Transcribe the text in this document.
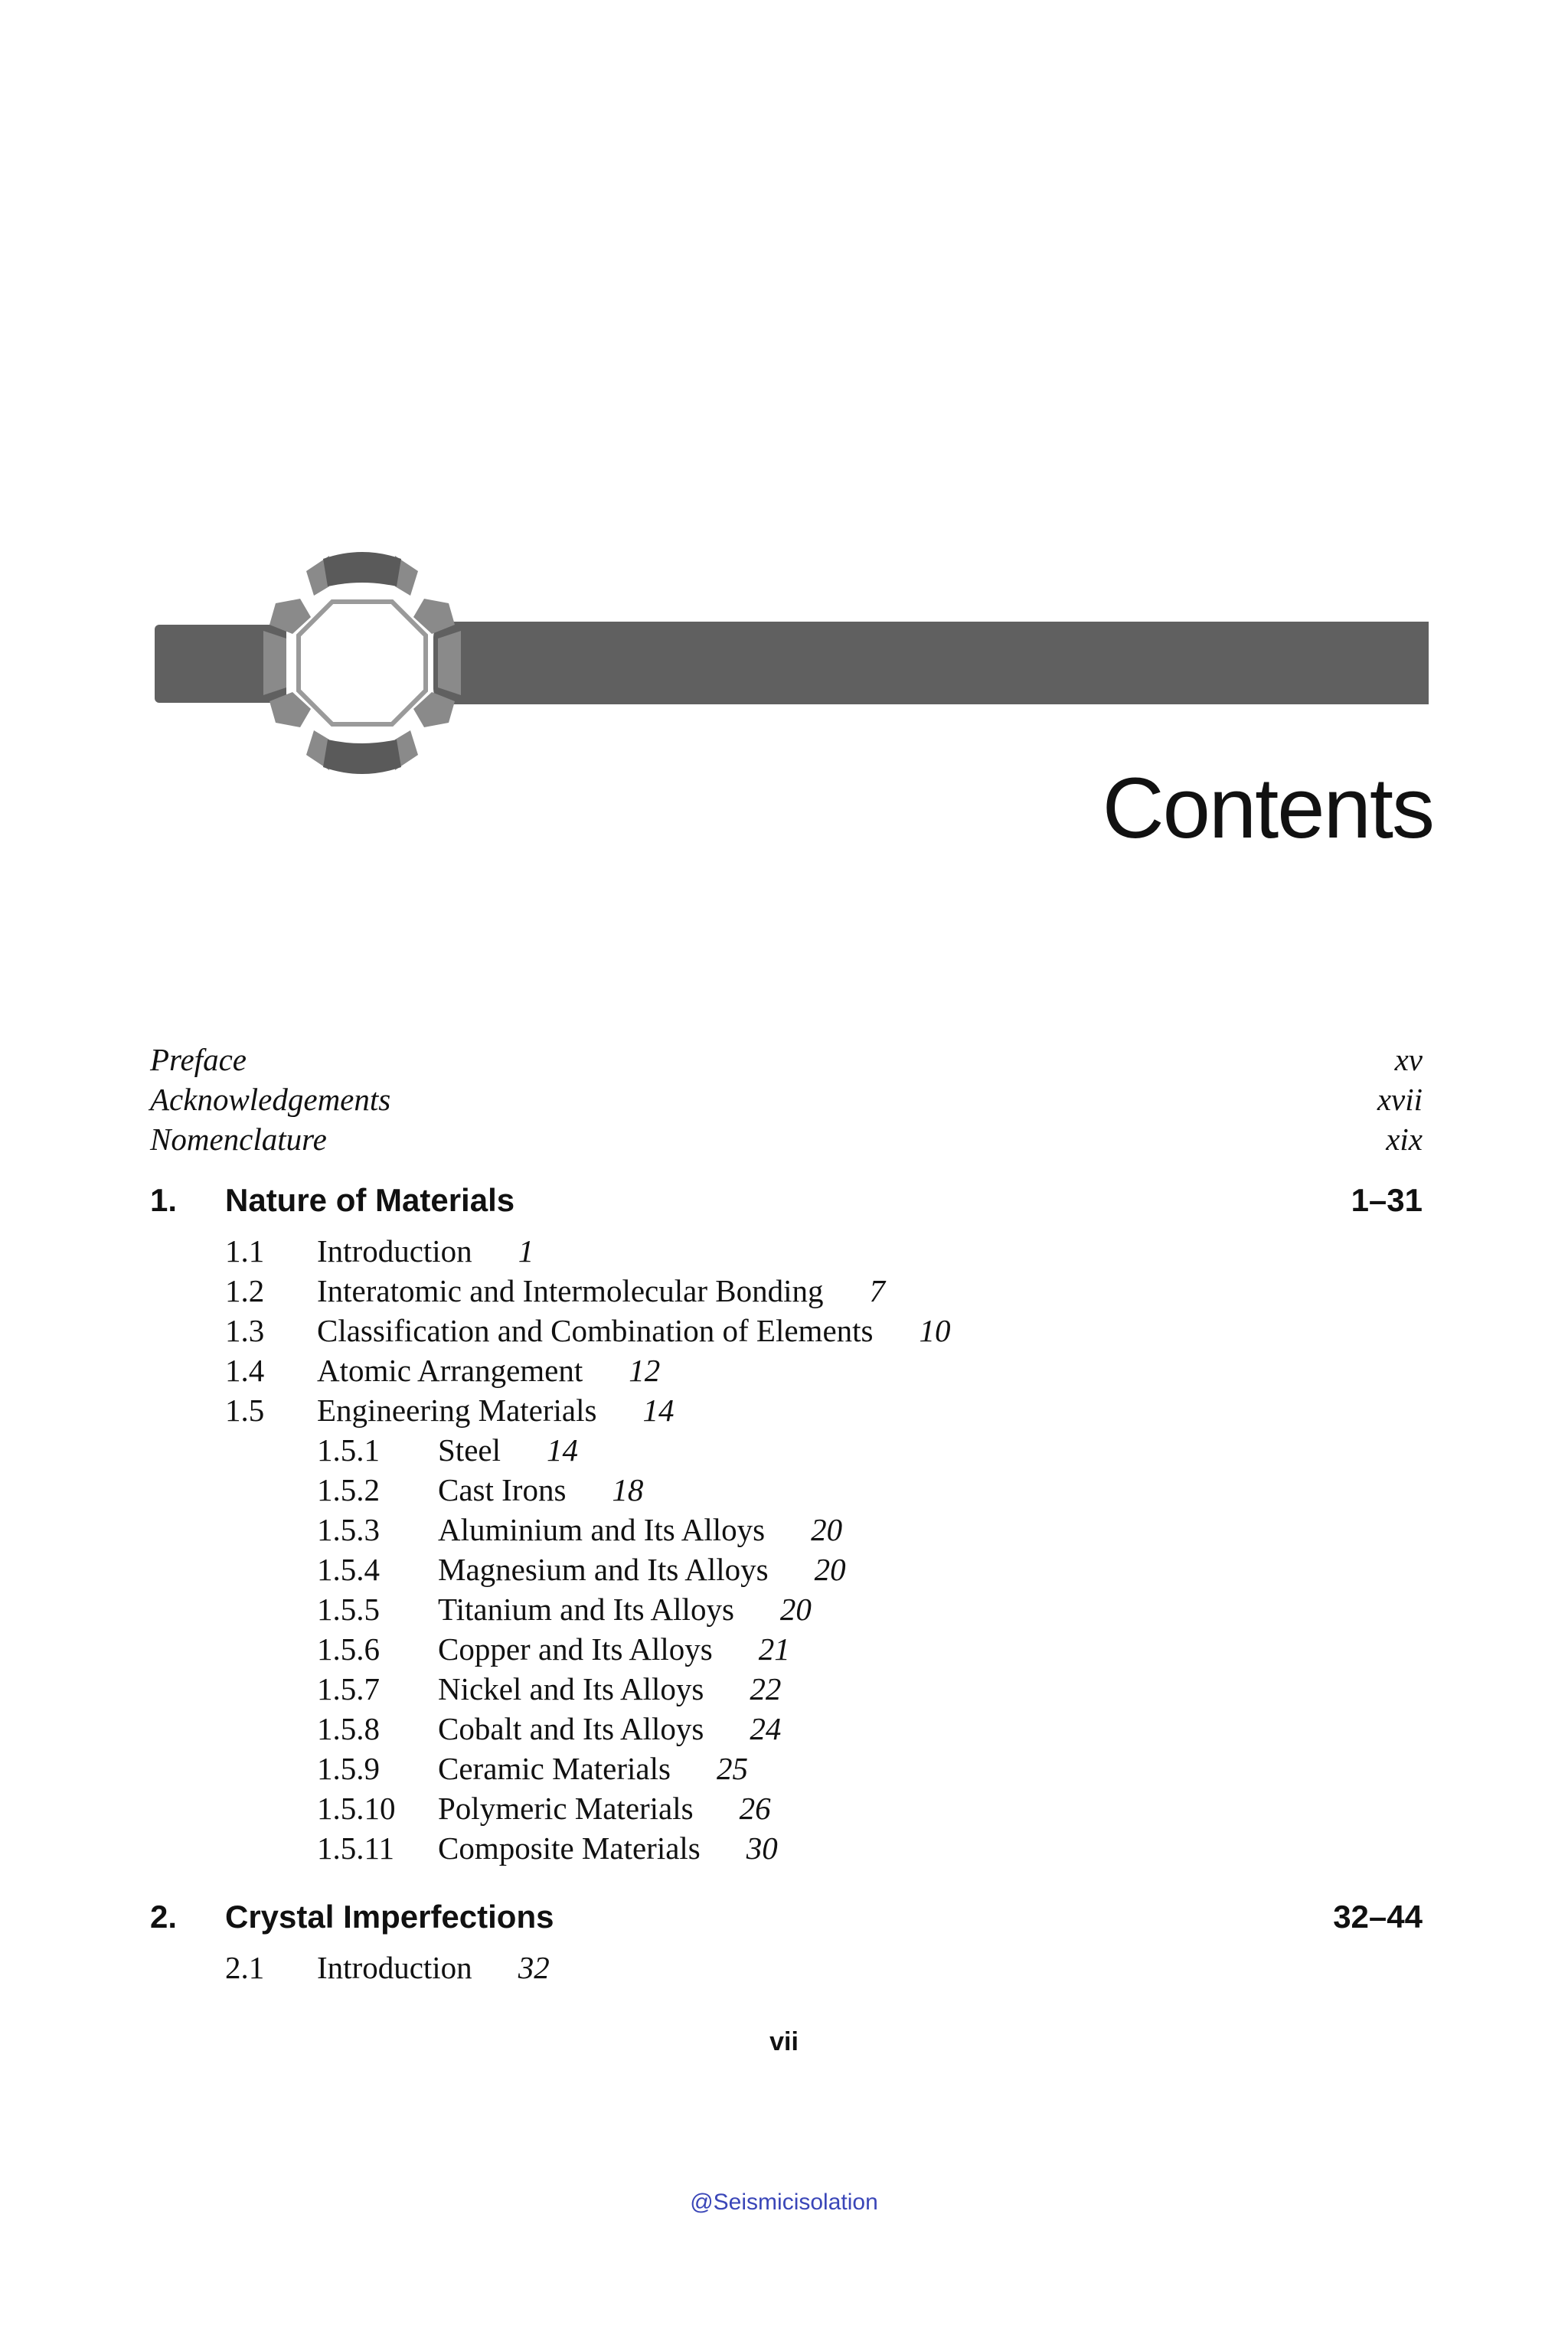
Contents
Preface	xv
Acknowledgements	xvii
Nomenclature	xix
1. Nature of Materials	1–31
1.1 Introduction 1
1.2 Interatomic and Intermolecular Bonding 7
1.3 Classification and Combination of Elements 10
1.4 Atomic Arrangement 12
1.5 Engineering Materials 14
1.5.1 Steel 14
1.5.2 Cast Irons 18
1.5.3 Aluminium and Its Alloys 20
1.5.4 Magnesium and Its Alloys 20
1.5.5 Titanium and Its Alloys 20
1.5.6 Copper and Its Alloys 21
1.5.7 Nickel and Its Alloys 22
1.5.8 Cobalt and Its Alloys 24
1.5.9 Ceramic Materials 25
1.5.10 Polymeric Materials 26
1.5.11 Composite Materials 30
2. Crystal Imperfections	32–44
2.1 Introduction 32
vii
@Seismicisolation
